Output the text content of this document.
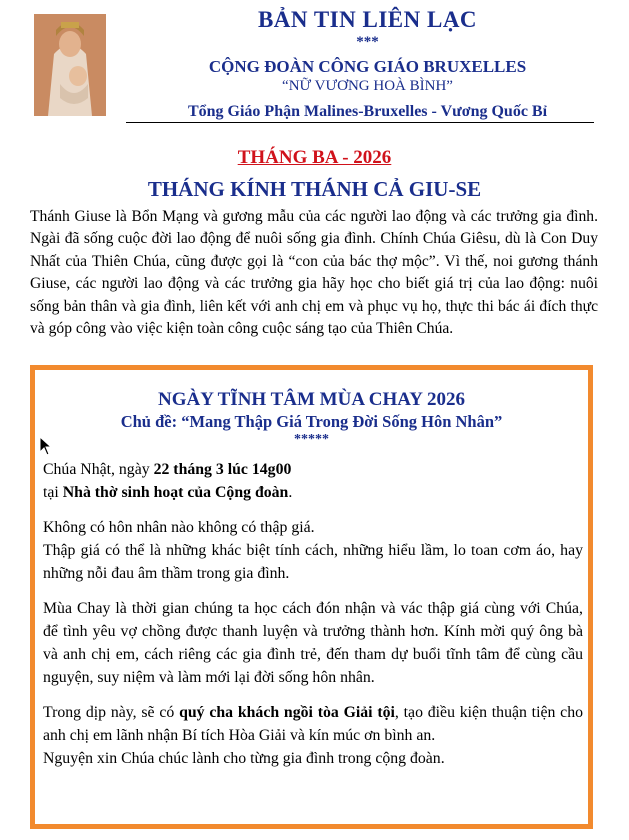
BẢN TIN LIÊN LẠC
***
CỘNG ĐOÀN CÔNG GIÁO BRUXELLES
“NỮ VƯƠNG HOÀ BÌNH”
Tổng Giáo Phận Malines-Bruxelles - Vương Quốc Bỉ
THÁNG BA - 2026
THÁNG KÍNH THÁNH CẢ GIU-SE

Thánh Giuse là Bổn Mạng và gương mẫu của các người lao động và các trưởng gia đình. Ngài đã sống cuộc đời lao động để nuôi sống gia đình. Chính Chúa Giêsu, dù là Con Duy Nhất của Thiên Chúa, cũng được gọi là “con của bác thợ mộc”. Vì thế, noi gương thánh Giuse, các người lao động và các trưởng gia hãy học cho biết giá trị của lao động: nuôi sống bản thân và gia đình, liên kết với anh chị em và phục vụ họ, thực thi bác ái đích thực và góp công vào việc kiện toàn công cuộc sáng tạo của Thiên Chúa.

NGÀY TĨNH TÂM MÙA CHAY 2026
Chủ đề: “Mang Thập Giá Trong Đời Sống Hôn Nhân”
*****

Chúa Nhật, ngày 22 tháng 3 lúc 14g00
tại Nhà thờ sinh hoạt của Cộng đoàn.

Không có hôn nhân nào không có thập giá.
Thập giá có thể là những khác biệt tính cách, những hiểu lầm, lo toan cơm áo, hay những nỗi đau âm thầm trong gia đình.

Mùa Chay là thời gian chúng ta học cách đón nhận và vác thập giá cùng với Chúa, để tình yêu vợ chồng được thanh luyện và trưởng thành hơn. Kính mời quý ông bà và anh chị em, cách riêng các gia đình trẻ, đến tham dự buổi tĩnh tâm để cùng cầu nguyện, suy niệm và làm mới lại đời sống hôn nhân.

Trong dịp này, sẽ có quý cha khách ngồi tòa Giải tội, tạo điều kiện thuận tiện cho anh chị em lãnh nhận Bí tích Hòa Giải và kín múc ơn bình an.
Nguyện xin Chúa chúc lành cho từng gia đình trong cộng đoàn.
